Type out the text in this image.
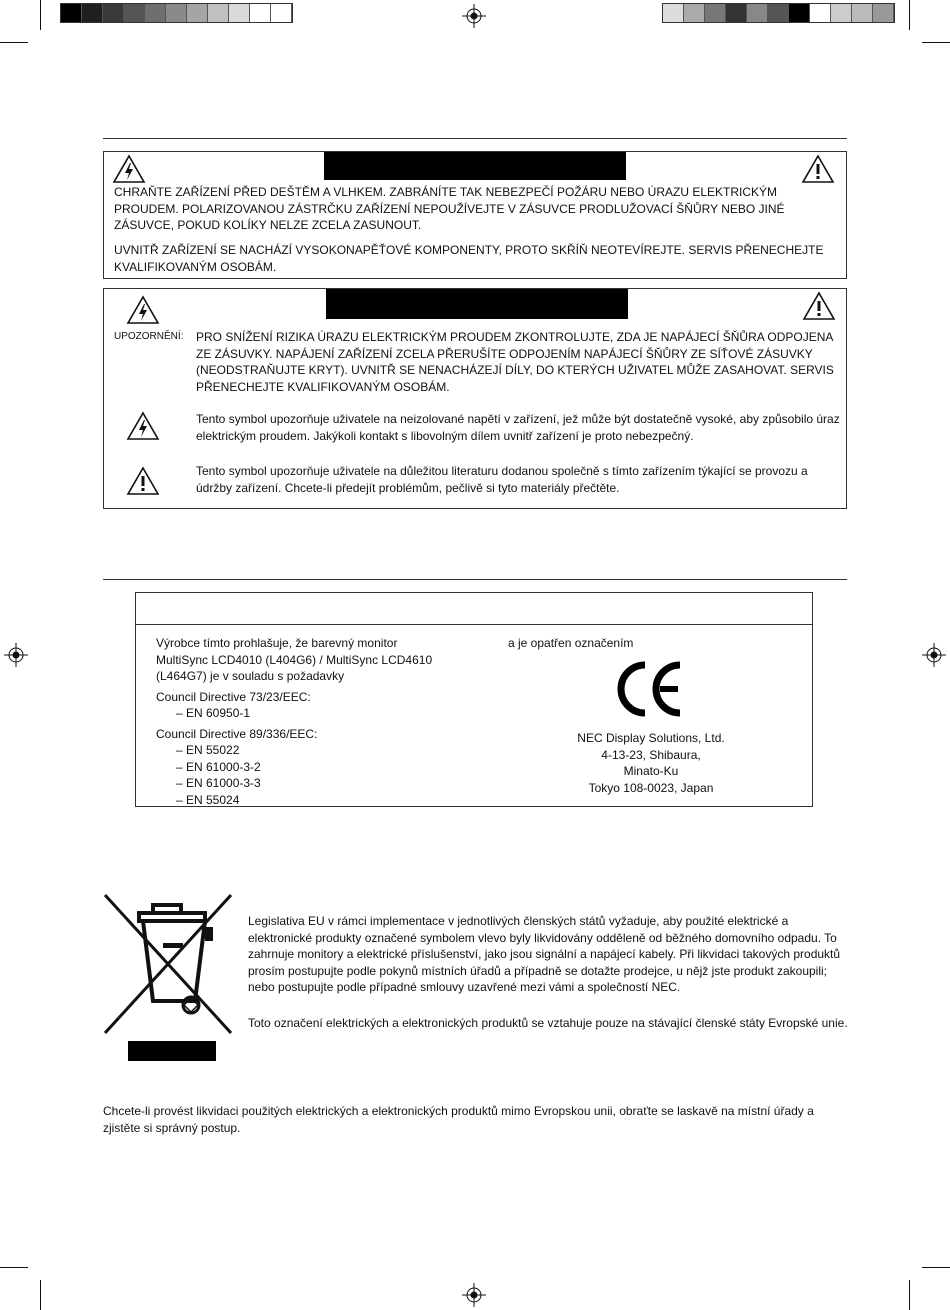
CHRAŇTE ZAŘÍZENÍ PŘED DEŠTĚM A VLHKEM. ZABRÁNÍTE TAK NEBEZPEČÍ POŽÁRU NEBO ÚRAZU ELEKTRICKÝM PROUDEM. POLARIZOVANOU ZÁSTRČKU ZAŘÍZENÍ NEPOUŽÍVEJTE V ZÁSUVCE PRODLUŽOVACÍ ŠŇŮRY NEBO JINÉ ZÁSUVCE, POKUD KOLÍKY NELZE ZCELA ZASUNOUT.

UVNITŘ ZAŘÍZENÍ SE NACHÁZÍ VYSOKONAPĚŤOVÉ KOMPONENTY, PROTO SKŘÍŇ NEOTEVÍREJTE. SERVIS PŘENECHEJTE KVALIFIKOVANÝM OSOBÁM.

UPOZORNĚNÍ: PRO SNÍŽENÍ RIZIKA ÚRAZU ELEKTRICKÝM PROUDEM ZKONTROLUJTE, ZDA JE NAPÁJECÍ ŠŇŮRA ODPOJENA ZE ZÁSUVKY. NAPÁJENÍ ZAŘÍZENÍ ZCELA PŘERUŠÍTE ODPOJENÍM NAPÁJECÍ ŠŇŮRY ZE SÍŤOVÉ ZÁSUVKY (NEODSTRAŇUJTE KRYT). UVNITŘ SE NENACHÁZEJÍ DÍLY, DO KTERÝCH UŽIVATEL MŮŽE ZASAHOVAT. SERVIS PŘENECHEJTE KVALIFIKOVANÝM OSOBÁM.

Tento symbol upozorňuje uživatele na neizolované napětí v zařízení, jež může být dostatečně vysoké, aby způsobilo úraz elektrickým proudem. Jakýkoli kontakt s libovolným dílem uvnitř zařízení je proto nebezpečný.

Tento symbol upozorňuje uživatele na důležitou literaturu dodanou společně s tímto zařízením týkající se provozu a údržby zařízení. Chcete-li předejít problémům, pečlivě si tyto materiály přečtěte.

Výrobce tímto prohlašuje, že barevný monitor
MultiSync LCD4010 (L404G6) / MultiSync LCD4610
(L464G7) je v souladu s požadavky
Council Directive 73/23/EEC:
– EN 60950-1
Council Directive 89/336/EEC:
– EN 55022
– EN 61000-3-2
– EN 61000-3-3
– EN 55024
a je opatřen označením
NEC Display Solutions, Ltd.
4-13-23, Shibaura,
Minato-Ku
Tokyo 108-0023, Japan

Legislativa EU v rámci implementace v jednotlivých členských států vyžaduje, aby použité elektrické a elektronické produkty označené symbolem vlevo byly likvidovány odděleně od běžného domovního odpadu. To zahrnuje monitory a elektrické příslušenství, jako jsou signální a napájecí kabely. Při likvidaci takových produktů prosím postupujte podle pokynů místních úřadů a případně se dotažte prodejce, u nějž jste produkt zakoupili; nebo postupujte podle případné smlouvy uzavřené mezi vámi a společností NEC.

Toto označení elektrických a elektronických produktů se vztahuje pouze na stávající členské státy Evropské unie.

Chcete-li provést likvidaci použitých elektrických a elektronických produktů mimo Evropskou unii, obraťte se laskavě na místní úřady a zjistěte si správný postup.
